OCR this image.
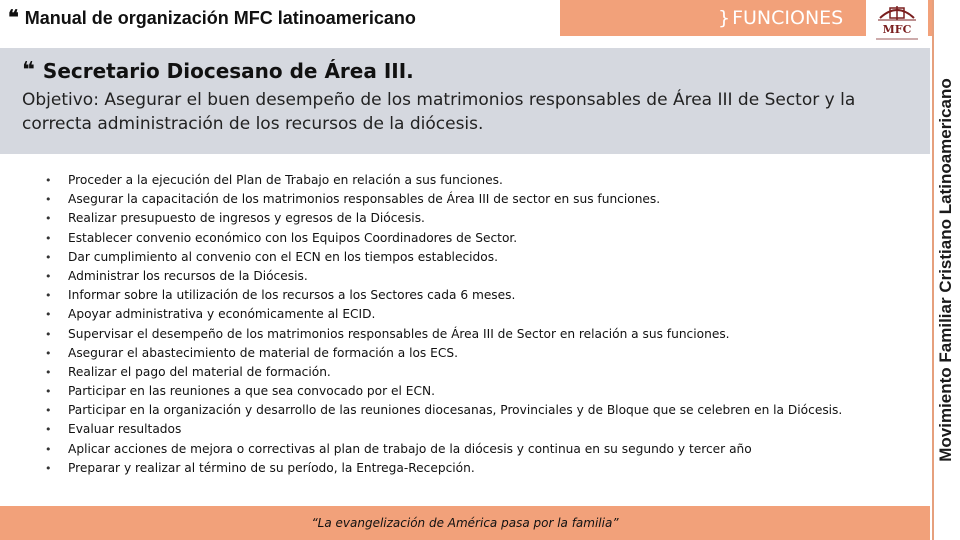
❝ Manual de organización MFC latinoamericano	} FUNCIONES
MFC
Movimiento Familiar Cristiano Latinoamericano
❝ Secretario Diocesano de Área III.
Objetivo: Asegurar el buen desempeño de los matrimonios responsables de Área III de Sector y la correcta administración de los recursos de la diócesis.
• Proceder a la ejecución del Plan de Trabajo en relación a sus funciones.
• Asegurar la capacitación de los matrimonios responsables de Área III de sector en sus funciones.
• Realizar presupuesto de ingresos y egresos de la Diócesis.
• Establecer convenio económico con los Equipos Coordinadores de Sector.
• Dar cumplimiento al convenio con el ECN en los tiempos establecidos.
• Administrar los recursos de la Diócesis.
• Informar sobre la utilización de los recursos a los Sectores cada 6 meses.
• Apoyar administrativa y económicamente al ECID.
• Supervisar el desempeño de los matrimonios responsables de Área III de Sector en relación a sus funciones.
• Asegurar el abastecimiento de material de formación a los ECS.
• Realizar el pago del material de formación.
• Participar en las reuniones a que sea convocado por el ECN.
• Participar en la organización y desarrollo de las reuniones diocesanas, Provinciales y de Bloque que se celebren en la Diócesis.
• Evaluar resultados
• Aplicar acciones de mejora o correctivas al plan de trabajo de la diócesis y continua en su segundo y tercer año
• Preparar y realizar al término de su período, la Entrega-Recepción.
“La evangelización de América pasa por la familia”
